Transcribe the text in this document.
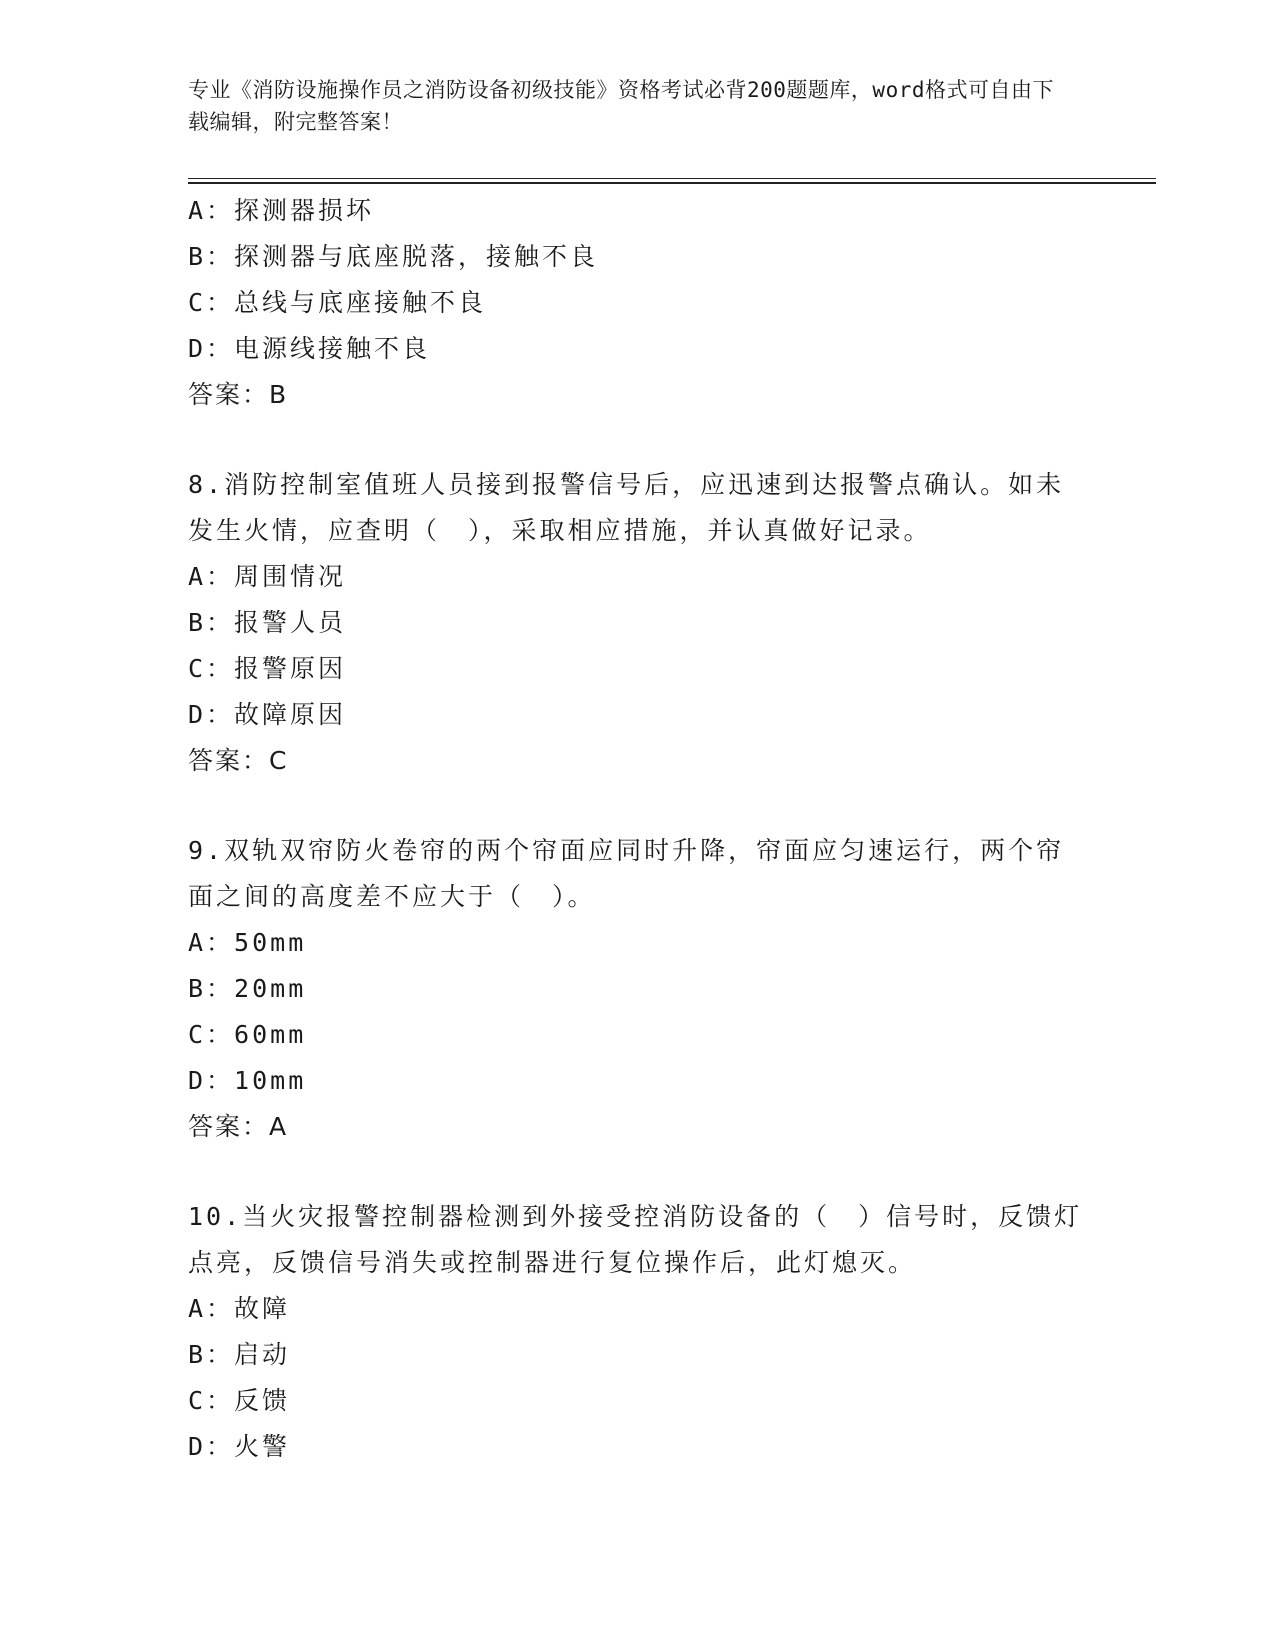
专业《消防设施操作员之消防设备初级技能》资格考试必背200题题库，word格式可自由下载编辑，附完整答案！
A：探测器损坏
B：探测器与底座脱落，接触不良
C：总线与底座接触不良
D：电源线接触不良
答案：B
8.消防控制室值班人员接到报警信号后，应迅速到达报警点确认。如未发生火情，应查明（　），采取相应措施，并认真做好记录。
A：周围情况
B：报警人员
C：报警原因
D：故障原因
答案：C
9.双轨双帘防火卷帘的两个帘面应同时升降，帘面应匀速运行，两个帘面之间的高度差不应大于（　）。
A：50mm
B：20mm
C：60mm
D：10mm
答案：A
10.当火灾报警控制器检测到外接受控消防设备的（　）信号时，反馈灯点亮，反馈信号消失或控制器进行复位操作后，此灯熄灭。
A：故障
B：启动
C：反馈
D：火警
